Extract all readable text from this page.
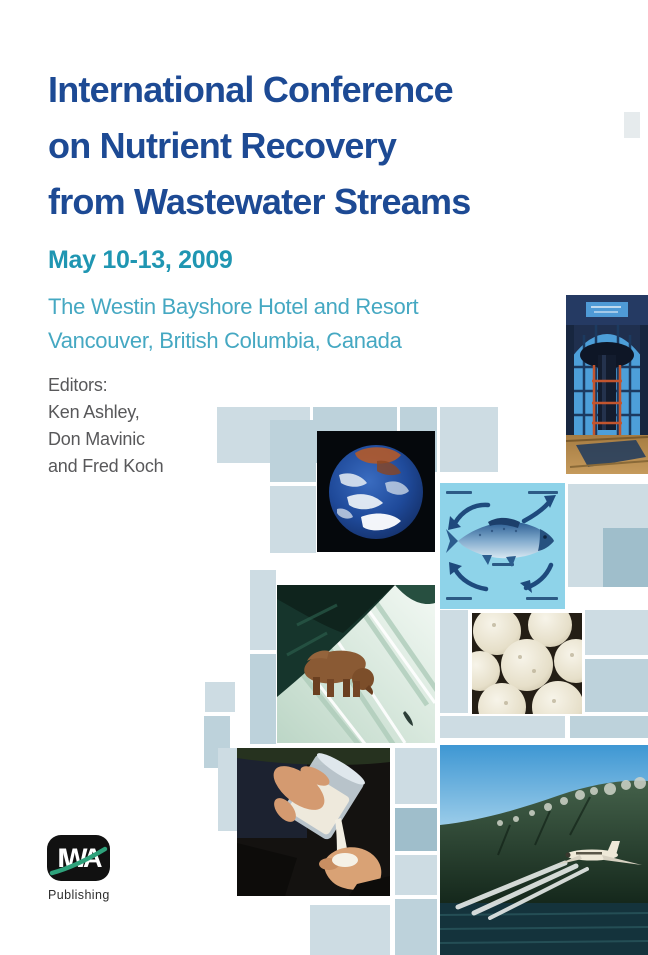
International Conference
on Nutrient Recovery
from Wastewater Streams

May 10-13, 2009

The Westin Bayshore Hotel and Resort
Vancouver, British Columbia, Canada

Editors:
Ken Ashley,
Don Mavinic
and Fred Koch
IWA

Publishing
